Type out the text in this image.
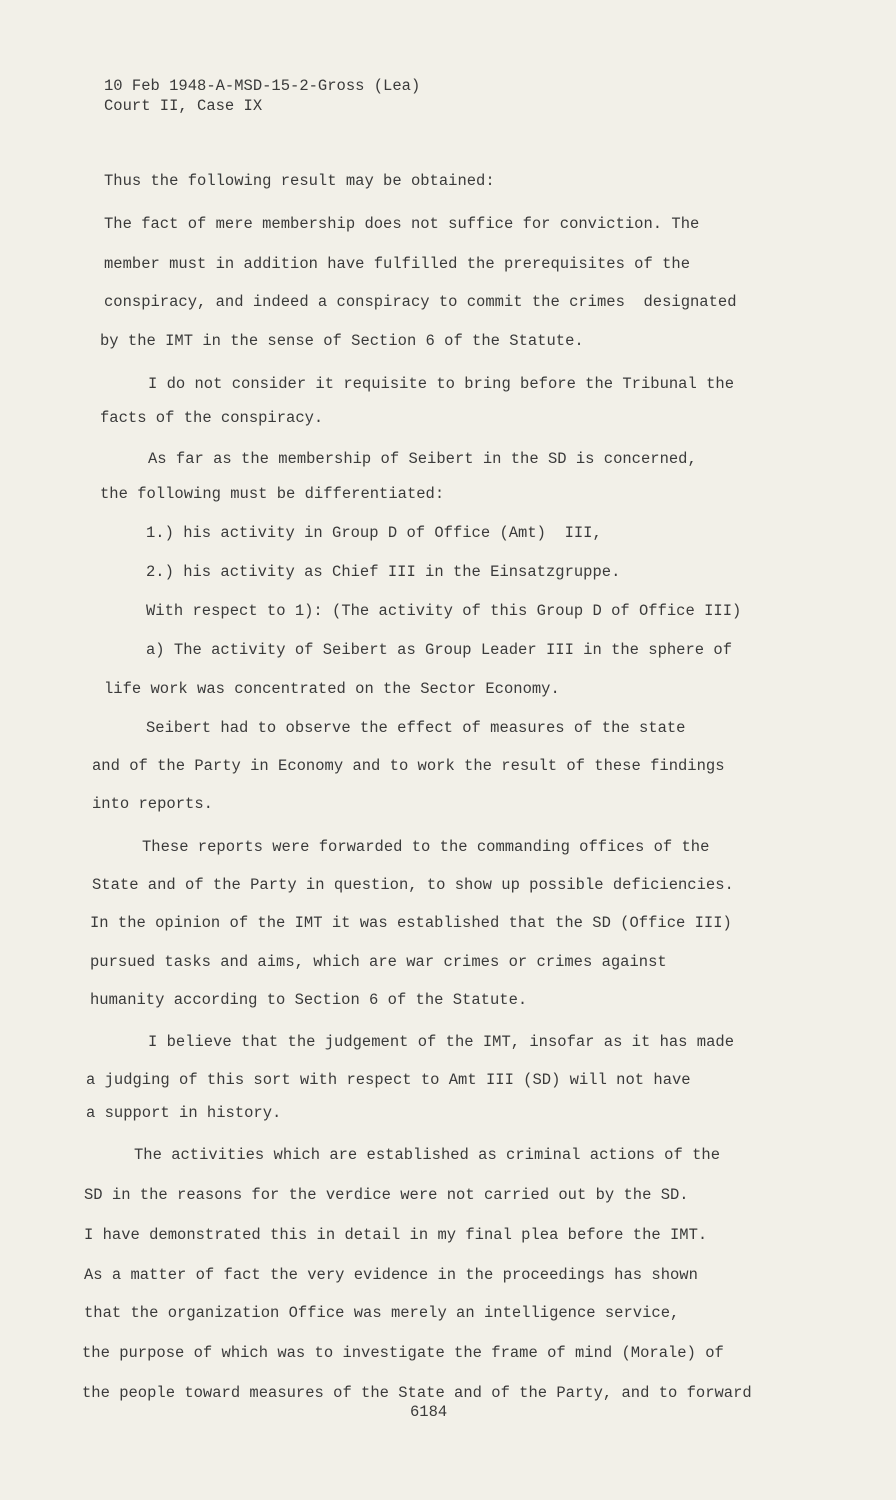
10 Feb 1948-A-MSD-15-2-Gross (Lea)
Court II, Case IX
Thus the following result may be obtained:
The fact of mere membership does not suffice for conviction. The
member must in addition have fulfilled the prerequisites of the
conspiracy, and indeed a conspiracy to commit the crimes  designated
by the IMT in the sense of Section 6 of the Statute.
I do not consider it requisite to bring before the Tribunal the
facts of the conspiracy.
As far as the membership of Seibert in the SD is concerned,
the following must be differentiated:
1.) his activity in Group D of Office (Amt)  III,
2.) his activity as Chief III in the Einsatzgruppe.
With respect to 1): (The activity of this Group D of Office III)
a) The activity of Seibert as Group Leader III in the sphere of
life work was concentrated on the Sector Economy.
Seibert had to observe the effect of measures of the state
and of the Party in Economy and to work the result of these findings
into reports.
These reports were forwarded to the commanding offices of the
State and of the Party in question, to show up possible deficiencies.
In the opinion of the IMT it was established that the SD (Office III)
pursued tasks and aims, which are war crimes or crimes against
humanity according to Section 6 of the Statute.
I believe that the judgement of the IMT, insofar as it has made
a judging of this sort with respect to Amt III (SD) will not have
a support in history.
The activities which are established as criminal actions of the
SD in the reasons for the verdice were not carried out by the SD.
I have demonstrated this in detail in my final plea before the IMT.
As a matter of fact the very evidence in the proceedings has shown
that the organization Office was merely an intelligence service,
the purpose of which was to investigate the frame of mind (Morale) of
the people toward measures of the State and of the Party, and to forward
6184
